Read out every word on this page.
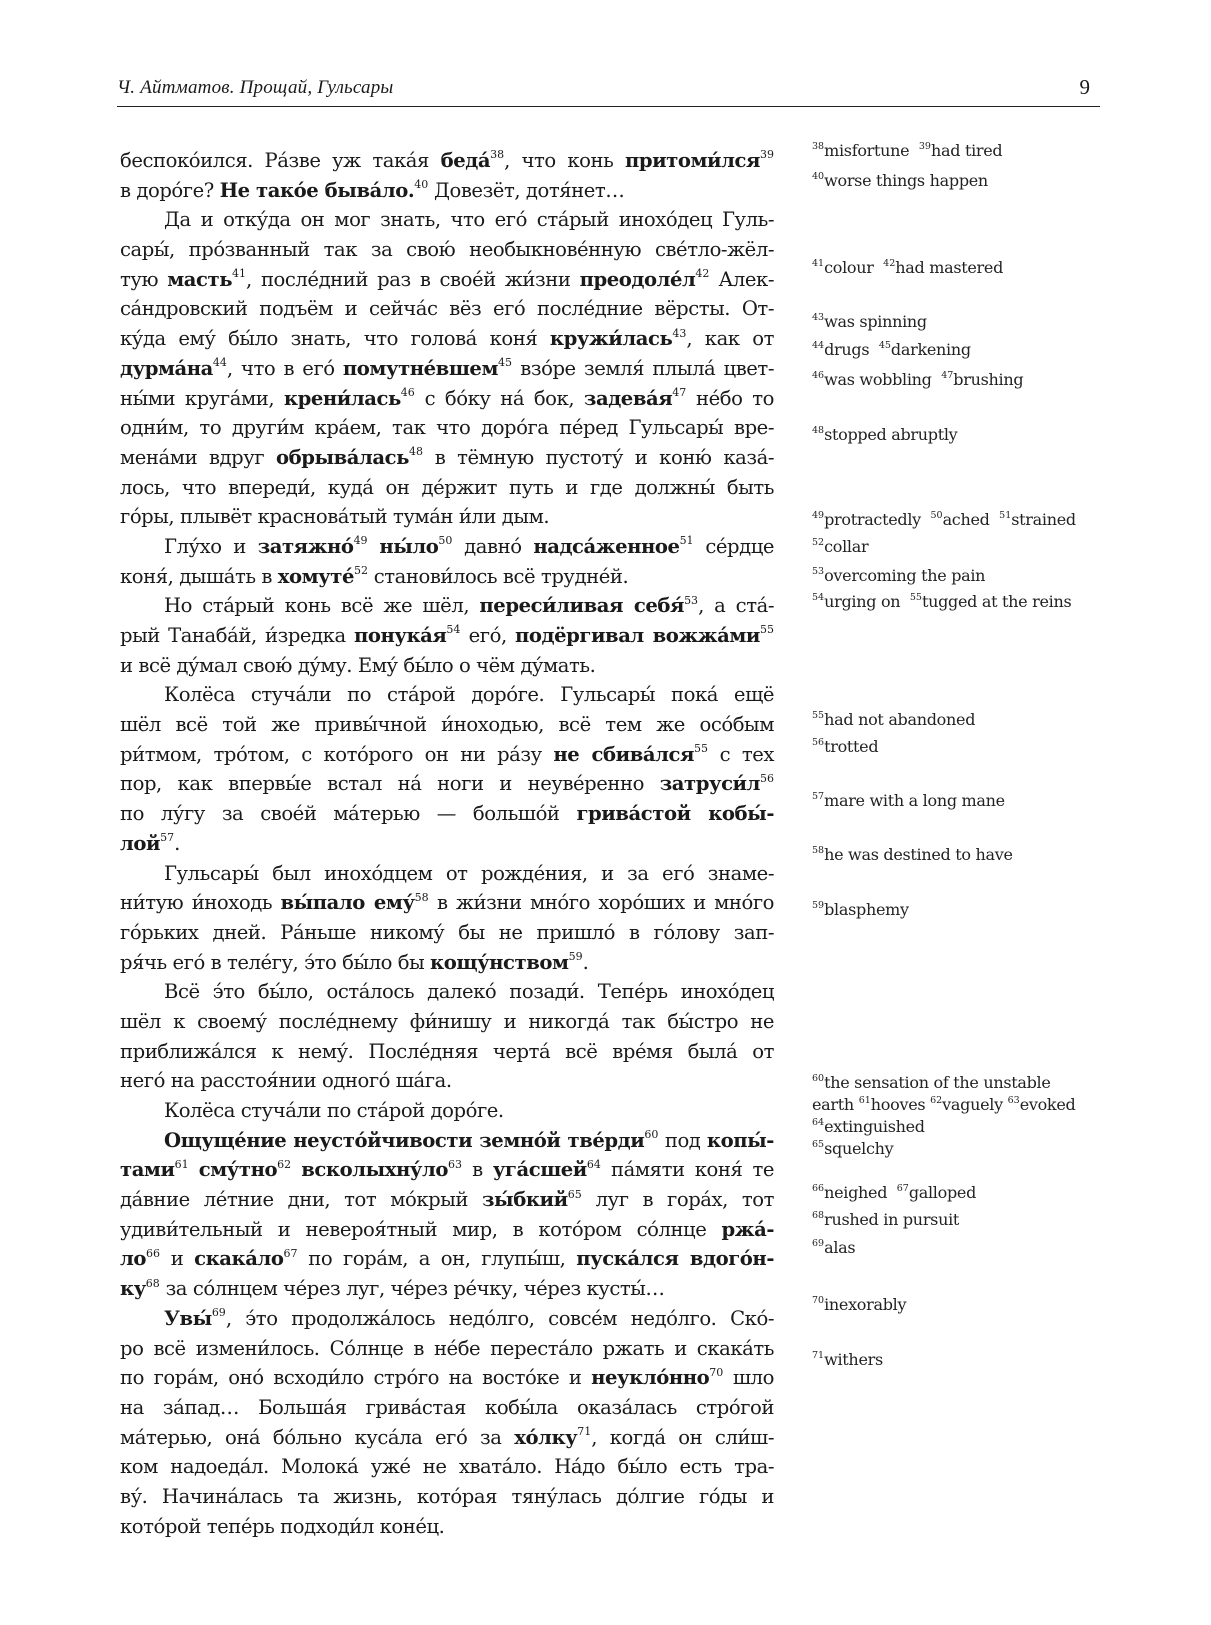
Ч. Айтматов. Прощай, Гульсары	9
беспоко́ился. Ра́зве уж така́я беда́$^{38}$, что конь притоми́лся$^{39}$
в доро́ге? Не тако́е быва́ло.$^{40}$ Довезёт, дотя́нет…
Да и отку́да он мог знать, что его́ ста́рый инохо́дец Гуль-
сары́, про́званный так за свою́ необыкнове́нную све́тло-жёл-
тую масть$^{41}$, после́дний раз в свое́й жи́зни $преодоле́л^{42}$ Алек-
са́ндровский подъём и сейча́с вёз его́ после́дние вёрсты. От-
ку́да ему́ бы́ло знать, что голова́ коня́ кружи́лась$^{43}$, как от
$дурма́на^{44}$, что в его́ помутне́вшем$^{45}$ взо́ре земля́ плыла́ цвет-
ны́ми круга́ми, крени́лась$^{46}$ с бо́ку на́ бок, $задева́я^{47}$ не́бо то
одни́м, то други́м кра́ем, так что доро́га пе́ред Гульсары́ вре-
мена́ми вдруг обрыва́лась$^{48}$ в тёмную пустоту́ и коню́ каза́-
лось, что впереди́, куда́ он де́ржит путь и где должны́ быть
го́ры, плывёт краснова́тый тума́н и́ли дым.
Глу́хо и затяжно́$^{49}$ $ны́ло^{50}$ давно́ надса́женное$^{51}$ се́рдце
коня́, дыша́ть в хомуте́$^{52}$ станови́лось всё трудне́й.
Но ста́рый конь всё же шёл, переси́ливая себя́$^{53}$, а ста́-
рый Танаба́й, и́зредка $понука́я^{54}$ его́, подёргивал $вожжа́ми^{55}$
и всё ду́мал свою́ ду́му. Ему́ бы́ло о чём ду́мать.
Колёса стуча́ли по ста́рой доро́ге. Гульсары́ пока́ ещё
шёл всё той же привы́чной и́ноходью, всё тем же осо́бым
ри́тмом, тро́том, с кото́рого он ни ра́зу не сбива́лся$^{55}$ с тех
пор, как впервы́е встал на́ ноги и неуве́ренно $затруси́л^{56}$
по лу́гу за свое́й ма́терью — большо́й грива́стой кобы́-
лой$^{57}$.
Гульсары́ был инохо́дцем от рожде́ния, и за его́ знаме-
ни́тую и́ноходь вы́пало ему́$^{58}$ в жи́зни мно́го хоро́ших и мно́го
го́рьких дней. Ра́ньше никому́ бы не пришло́ в го́лову зап-
ря́чь его́ в теле́гу, э́то бы́ло бы кощу́нством$^{59}$.
Всё э́то бы́ло, оста́лось далеко́ позади́. Тепе́рь инохо́дец
шёл к своему́ после́днему фи́нишу и никогда́ так бы́стро не
приближа́лся к нему́. После́дняя черта́ всё вре́мя была́ от
него́ на расстоя́нии одного́ ша́га.
Колёса стуча́ли по ста́рой доро́ге.
Ощуще́ние неусто́йчивости земно́й тве́рди$^{60}$ под копы́-
тами$^{61}$ сму́тно$^{62}$ $всколыхну́ло^{63}$ в уга́сшей$^{64}$ па́мяти коня́ те
да́вние ле́тние дни, тот мо́крый зы́бкий$^{65}$ луг в гора́х, тот
удиви́тельный и невероя́тный мир, в кото́ром со́лнце ржа́-
$ло^{66}$ и $скака́ло^{67}$ по гора́м, а он, глупы́ш, пуска́лся вдого́н-
$ку^{68}$ за со́лнцем че́рез луг, че́рез ре́чку, че́рез кусты́…
Увы́$^{69}$, э́то продолжа́лось недо́лго, совсе́м недо́лго. Ско́-
ро всё измени́лось. Со́лнце в не́бе переста́ло ржать и скака́ть
по гора́м, оно́ всходи́ло стро́го на восто́ке и неукло́нно$^{70}$ шло
на за́пад… Больша́я грива́стая кобы́ла оказа́лась стро́гой
ма́терью, она́ бо́льно куса́ла его́ за хо́лку$^{71}$, когда́ он сли́ш-
ком надоеда́л. Молока́ уже́ не хвата́ло. На́до бы́ло есть тра-
ву́. Начина́лась та жизнь, кото́рая тяну́лась до́лгие го́ды и
кото́рой тепе́рь подходи́л коне́ц.
$^{38}$misfortune  $^{39}$had tired
$^{40}$worse things happen
$^{41}$colour  $^{42}$had mastered
$^{43}$was spinning
$^{44}$drugs  $^{45}$darkening
$^{46}$was wobbling  $^{47}$brushing
$^{48}$stopped abruptly
$^{49}$protractedly  $^{50}$ached  $^{51}$strained
$^{52}$collar
$^{53}$overcoming the pain
$^{54}$urging on  $^{55}$tugged at the reins
$^{55}$had not abandoned
$^{56}$trotted
$^{57}$mare with a long mane
$^{58}$he was destined to have
$^{59}$blasphemy
$^{60}$the sensation of the unstable
earth $^{61}$hooves $^{62}$vaguely $^{63}$evoked
$^{64}$extinguished
$^{65}$squelchy
$^{66}$neighed  $^{67}$galloped
$^{68}$rushed in pursuit
$^{69}$alas
$^{70}$inexorably
$^{71}$withers
